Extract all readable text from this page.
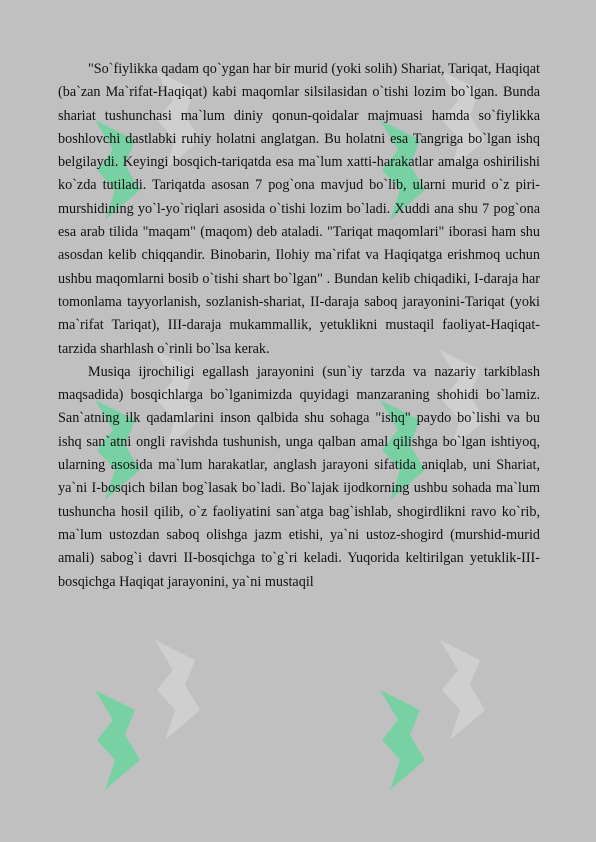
"So`fiylikka qadam qo`ygan har bir murid (yoki solih) Shariat, Tariqat, Haqiqat (ba`zan Ma`rifat-Haqiqat) kabi maqomlar silsilasidan o`tishi lozim bo`lgan. Bunda shariat tushunchasi ma`lum diniy qonun-qoidalar majmuasi hamda so`fiylikka boshlovchi dastlabki ruhiy holatni anglatgan. Bu holatni esa Tangriga bo`lgan ishq belgilaydi. Keyingi bosqich-tariqatda esa ma`lum xatti-harakatlar amalga oshirilishi ko`zda tutiladi. Tariqatda asosan 7 pog`ona mavjud bo`lib, ularni murid o`z piri-murshidining yo`l-yo`riqlari asosida o`tishi lozim bo`ladi. Xuddi ana shu 7 pog`ona esa arab tilida "maqam" (maqom) deb ataladi. "Tariqat maqomlari" iborasi ham shu asosdan kelib chiqqandir. Binobarin, Ilohiy ma`rifat va Haqiqatga erishmoq uchun ushbu maqomlarni bosib o`tishi shart bo`lgan" . Bundan kelib chiqadiki, I-daraja har tomonlama tayyorlanish, sozlanish-shariat, II-daraja saboq jarayonini-Tariqat (yoki ma`rifat Tariqat), III-daraja mukammallik, yetuklikni mustaqil faoliyat-Haqiqat-tarzida sharhlash o`rinli bo`lsa kerak.

Musiqa ijrochiligi egallash jarayonini (sun`iy tarzda va nazariy tarkiblash maqsadida) bosqichlarga bo`lganimizda quyidagi manzaraning shohidi bo`lamiz. San`atning ilk qadamlarini inson qalbida shu sohaga "ishq" paydo bo`lishi va bu ishq san`atni ongli ravishda tushunish, unga qalban amal qilishga bo`lgan ishtiyoq, ularning asosida ma`lum harakatlar, anglash jarayoni sifatida aniqlab, uni Shariat, ya`ni I-bosqich bilan bog`lasak bo`ladi. Bo`lajak ijodkorning ushbu sohada ma`lum tushuncha hosil qilib, o`z faoliyatini san`atga bag`ishlab, shogirdlikni ravo ko`rib, ma`lum ustozdan saboq olishga jazm etishi, ya`ni ustoz-shogird (murshid-murid amali) sabog`i davri II-bosqichga to`g`ri keladi. Yuqorida keltirilgan yetuklik-III-bosqichga Haqiqat jarayonini, ya`ni mustaqil
